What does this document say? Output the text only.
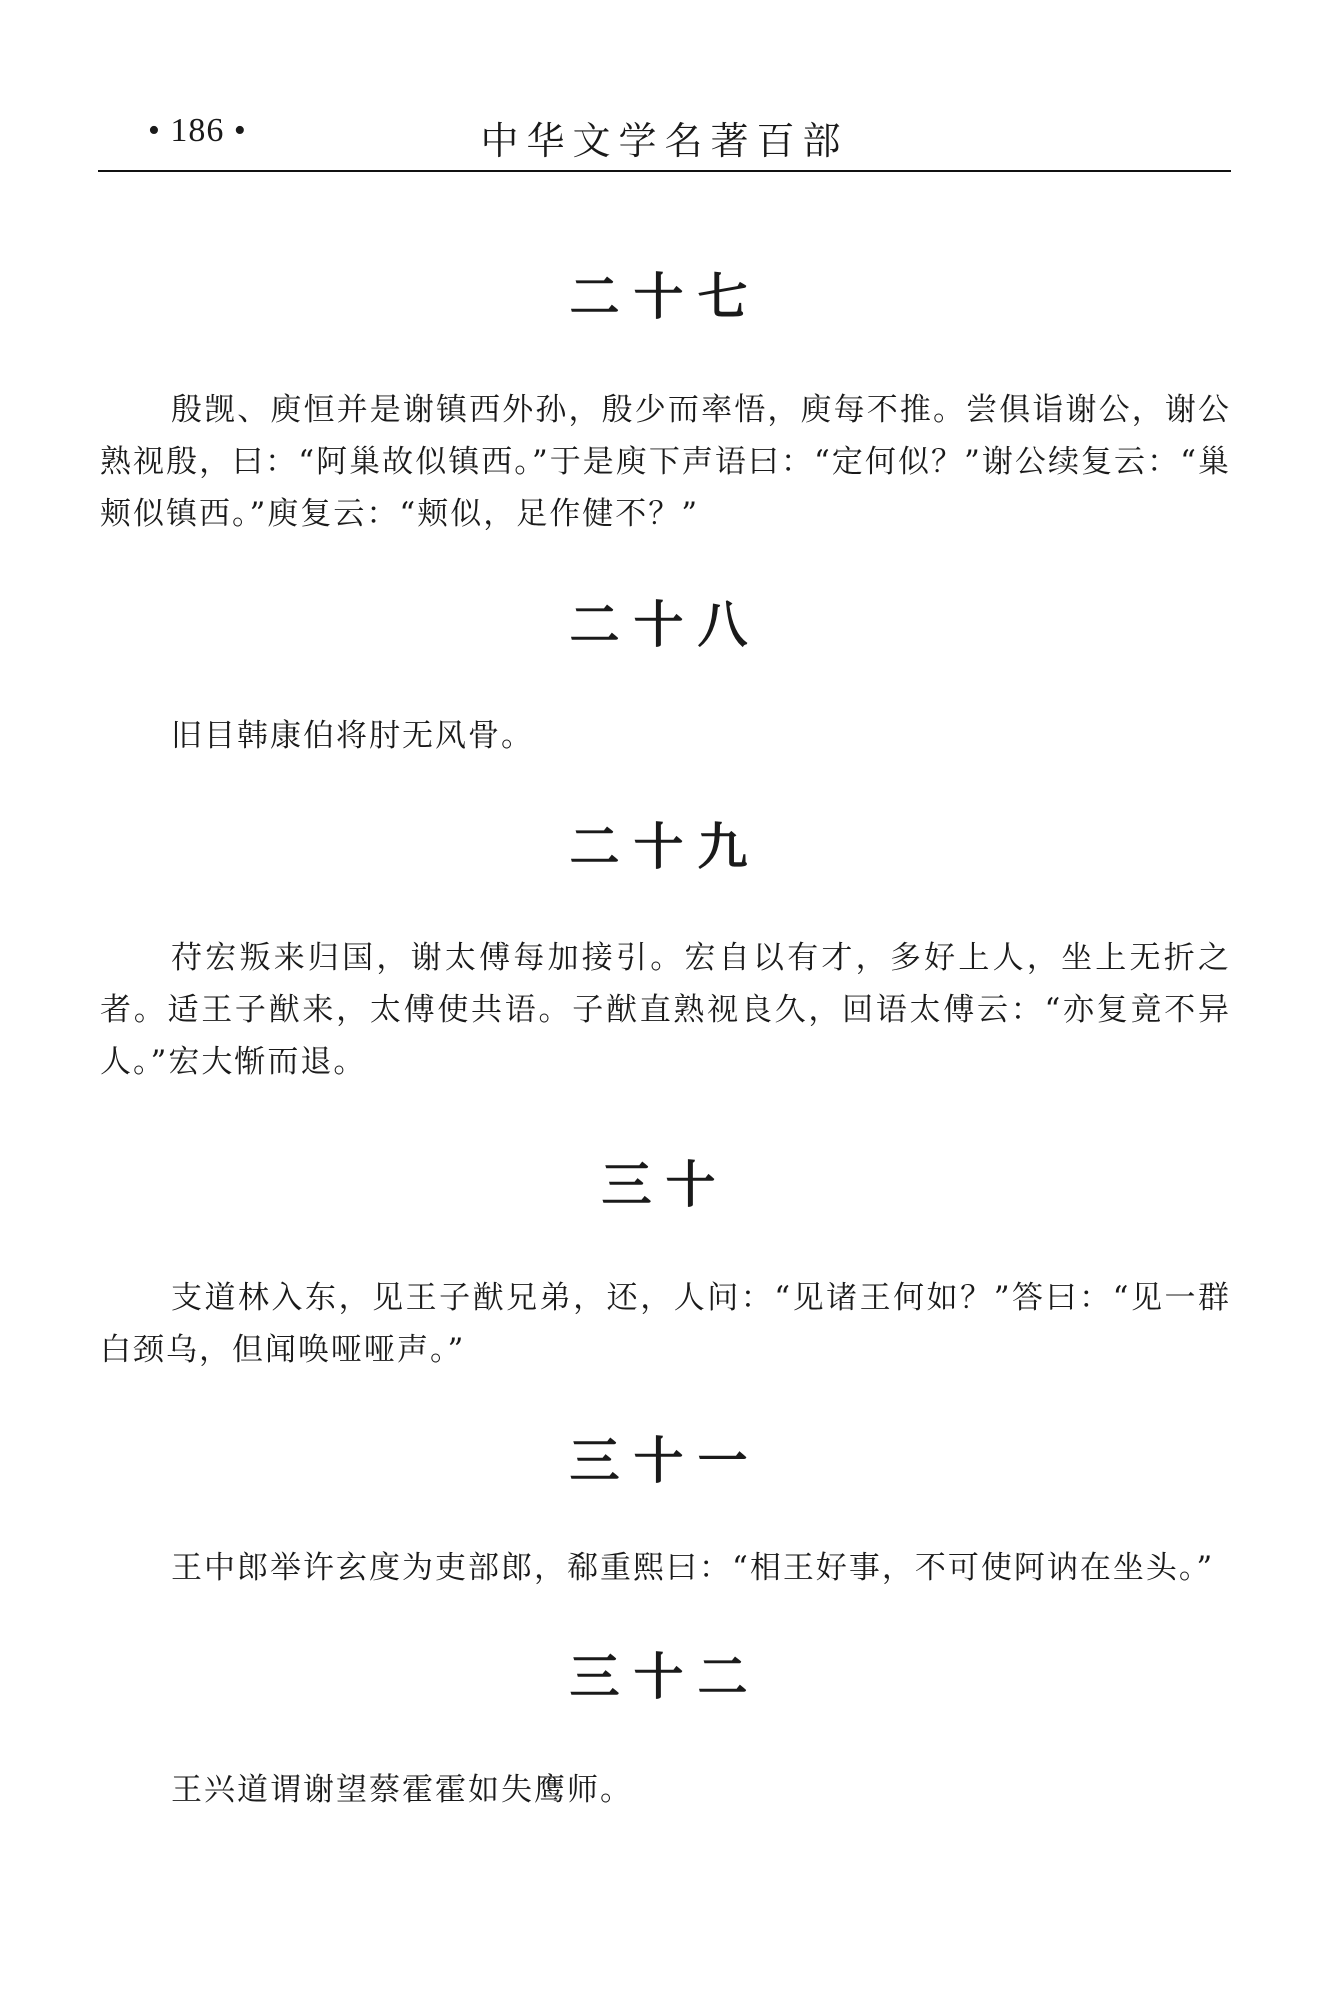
• 186 •	中华文学名著百部
二十七

殷觊、庾恒并是谢镇西外孙，殷少而率悟，庾每不推。尝俱诣谢公，谢公熟视殷，曰：“阿巢故似镇西。”于是庾下声语曰：“定何似？”谢公续复云：“巢颊似镇西。”庾复云：“颊似，足作健不？”

二十八

旧目韩康伯将肘无风骨。

二十九

苻宏叛来归国，谢太傅每加接引。宏自以有才，多好上人，坐上无折之者。适王子猷来，太傅使共语。子猷直熟视良久，回语太傅云：“亦复竟不异人。”宏大惭而退。

三十

支道林入东，见王子猷兄弟，还，人问：“见诸王何如？”答曰：“见一群白颈乌，但闻唤哑哑声。”

三十一

王中郎举许玄度为吏部郎，郗重熙曰：“相王好事，不可使阿讷在坐头。”

三十二

王兴道谓谢望蔡霍霍如失鹰师。
